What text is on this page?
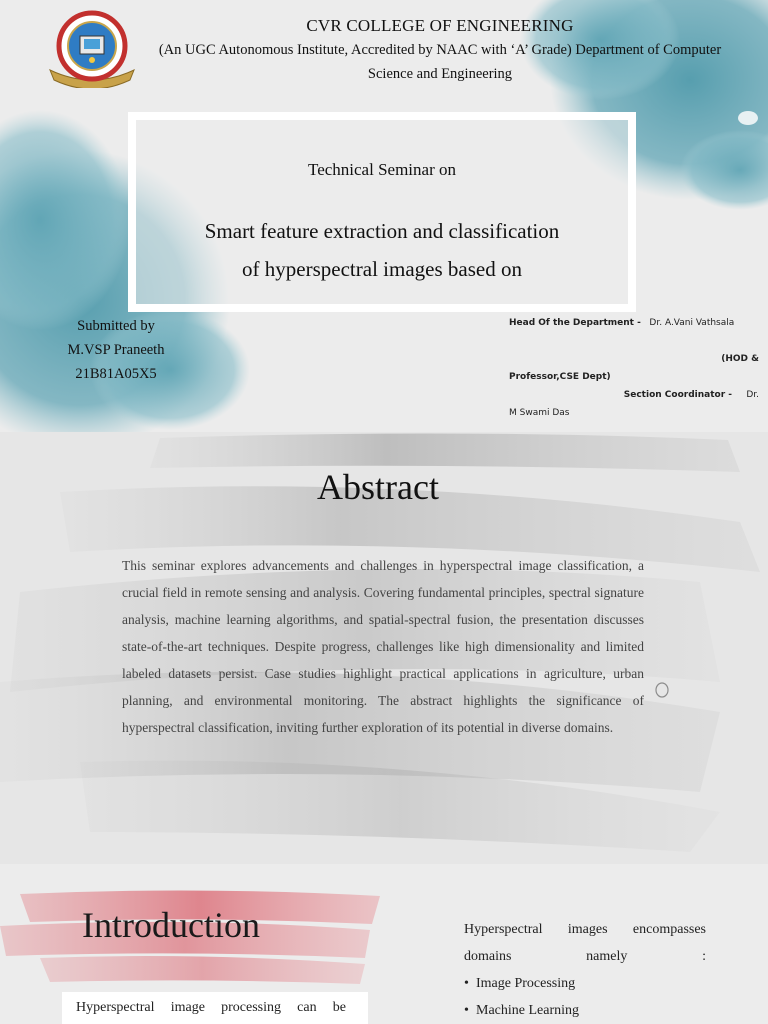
CVR COLLEGE OF ENGINEERING
(An UGC Autonomous Institute, Accredited by NAAC with ‘A’ Grade) Department of Computer Science and Engineering
Technical Seminar on
Smart feature extraction and classification
of hyperspectral images based on
Submitted by
M.VSP Praneeth
21B81A05X5
Head Of the Department - Dr. A.Vani Vathsala
(HOD &
Professor,CSE Dept)
Section Coordinator - Dr.
M Swami Das
Abstract
This seminar explores advancements and challenges in hyperspectral image classification, a crucial field in remote sensing and analysis. Covering fundamental principles, spectral signature analysis, machine learning algorithms, and spatial-spectral fusion, the presentation discusses state-of-the-art techniques. Despite progress, challenges like high dimensionality and limited labeled datasets persist. Case studies highlight practical applications in agriculture, urban planning, and environmental monitoring. The abstract highlights the significance of hyperspectral classification, inviting further exploration of its potential in diverse domains.
Introduction
Hyperspectral image processing can be
Hyperspectral images encompasses domains namely :
• Image Processing
• Machine Learning
